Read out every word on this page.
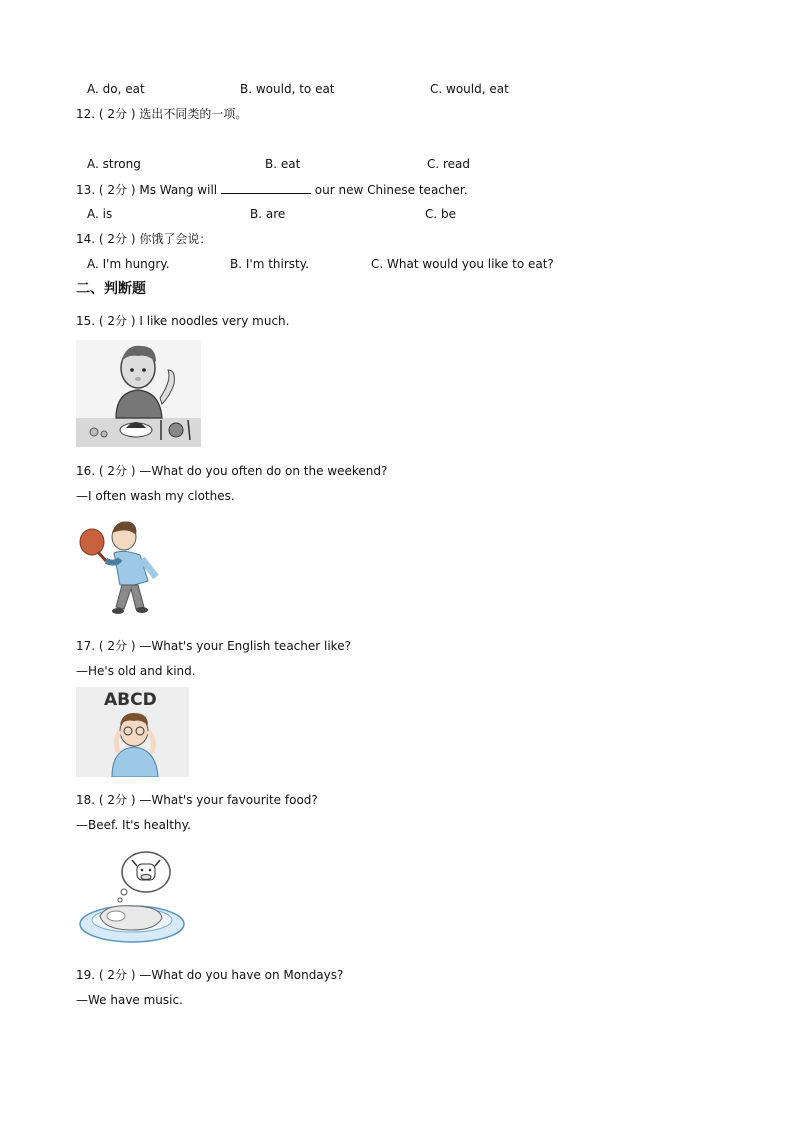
A. do, eat	B. would, to eat	C. would, eat
12. ( 2分 ) 选出不同类的一项。
A. strong	B. eat	C. read
13. ( 2分 ) Ms Wang will	our new Chinese teacher.
A. is	B. are	C. be
14. ( 2分 ) 你饿了会说：
A. I'm hungry.	B. I'm thirsty.	C. What would you like to eat?
二、判断题
15. ( 2分 ) I like noodles very much.
16. ( 2分 ) —What do you often do on the weekend?
—I often wash my clothes.
17. ( 2分 ) —What's your English teacher like?
—He's old and kind.
ABCD
18. ( 2分 ) —What's your favourite food?
—Beef. It's healthy.
19. ( 2分 ) —What do you have on Mondays?
—We have music.
